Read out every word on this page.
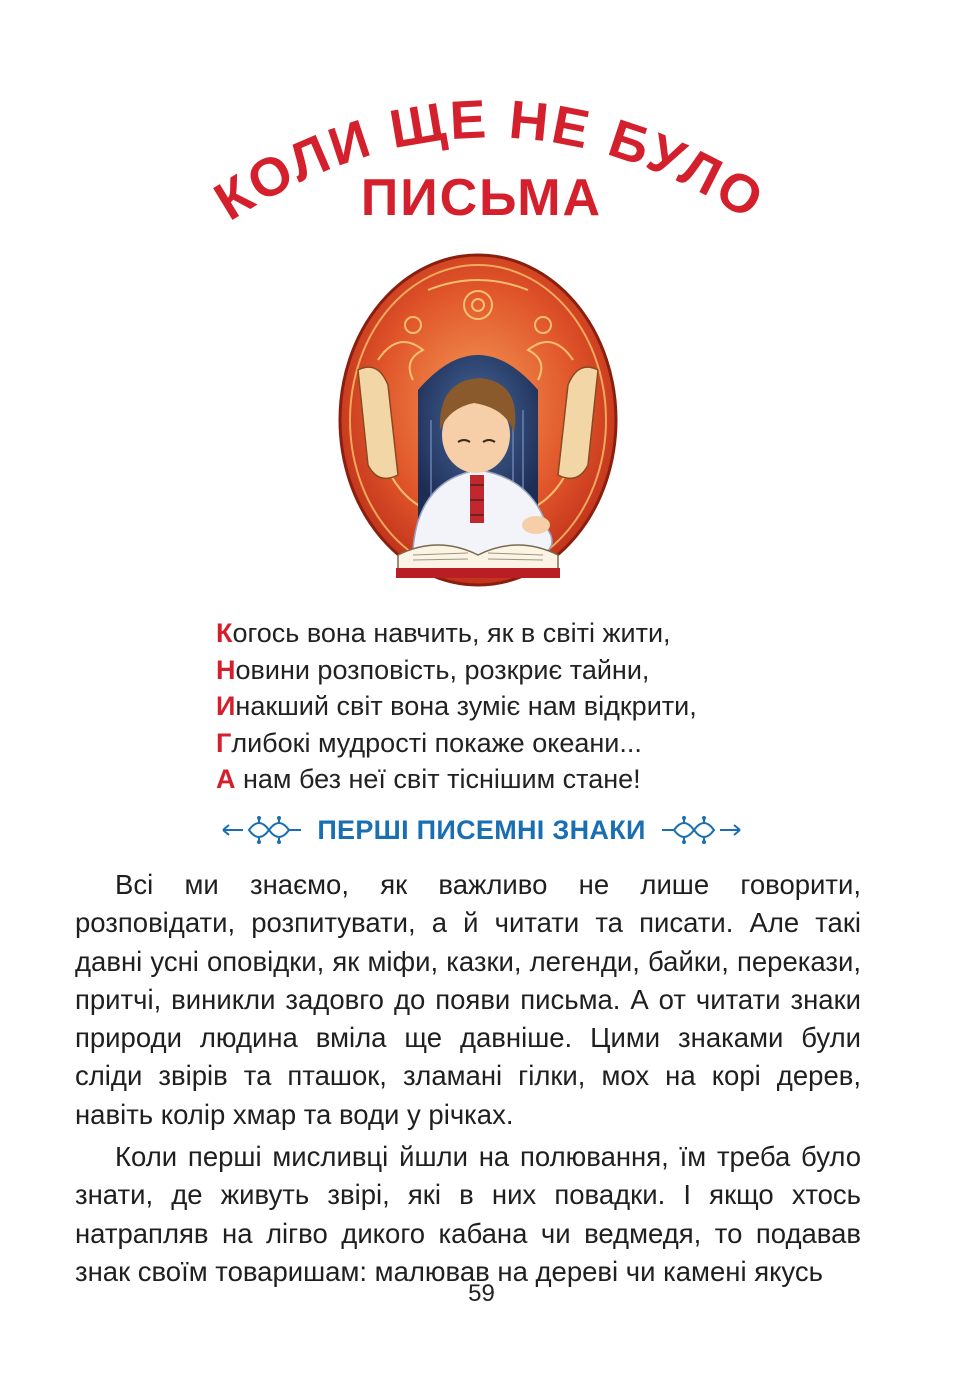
КОЛИ ЩЕ НЕ БУЛО
ПИСЬМА
Когось вона навчить, як в світі жити,
Новини розповість, розкриє тайни,
Инакший світ вона зуміє нам відкрити,
Глибокі мудрості покаже океани...
А нам без неї світ тіснішим стане!
ПЕРШІ ПИСЕМНІ ЗНАКИ

Всі ми знаємо, як важливо не лише говорити, розповідати, розпитувати, а й читати та писати. Але такі давні усні оповідки, як міфи, казки, легенди, байки, перекази, притчі, виникли задовго до появи письма. А от читати знаки природи людина вміла ще давніше. Цими знаками були сліди звірів та пташок, зламані гілки, мох на корі дерев, навіть колір хмар та води у річках.

Коли перші мисливці йшли на полювання, їм треба було знати, де живуть звірі, які в них повадки. І якщо хтось натрапляв на лігво дикого кабана чи ведмедя, то подавав знак своїм товаришам: малював на дереві чи камені якусь

59
